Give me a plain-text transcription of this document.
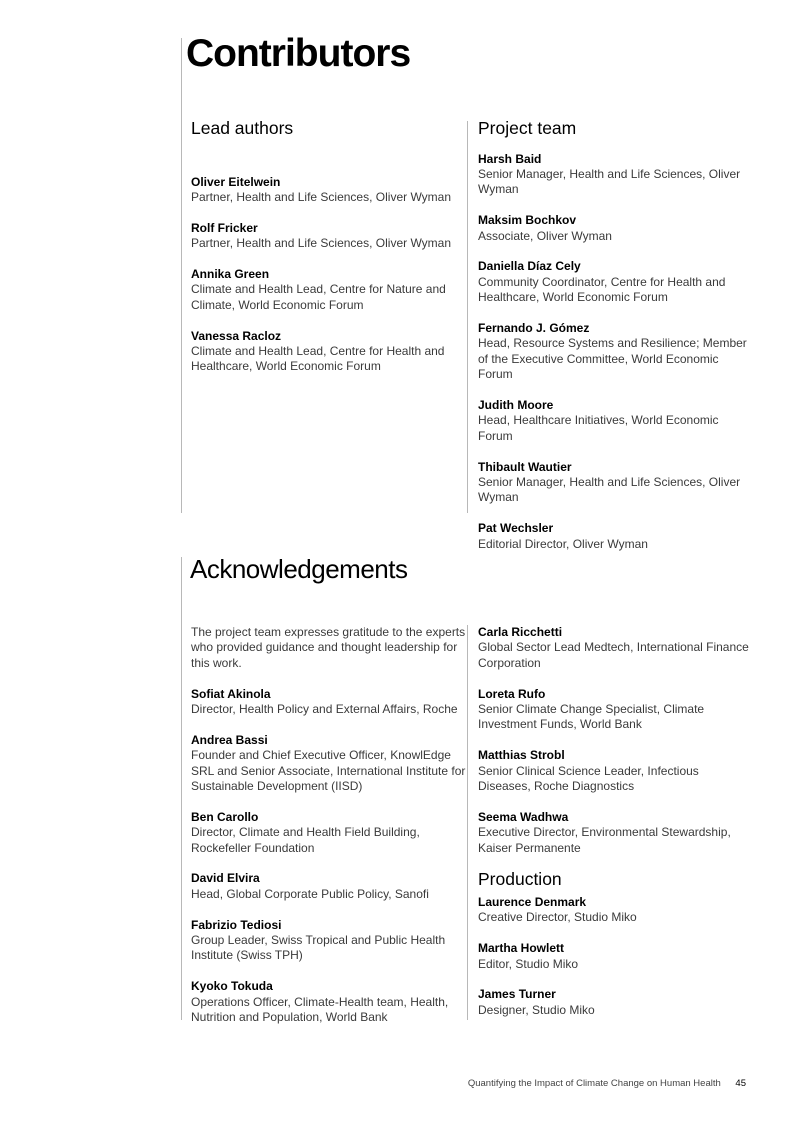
Contributors
Lead authors
Oliver Eitelwein
Partner, Health and Life Sciences, Oliver Wyman
Rolf Fricker
Partner, Health and Life Sciences, Oliver Wyman
Annika Green
Climate and Health Lead, Centre for Nature and Climate, World Economic Forum
Vanessa Racloz
Climate and Health Lead, Centre for Health and Healthcare, World Economic Forum
Project team
Harsh Baid
Senior Manager, Health and Life Sciences, Oliver Wyman
Maksim Bochkov
Associate, Oliver Wyman
Daniella Díaz Cely
Community Coordinator, Centre for Health and Healthcare, World Economic Forum
Fernando J. Gómez
Head, Resource Systems and Resilience; Member of the Executive Committee, World Economic Forum
Judith Moore
Head, Healthcare Initiatives, World Economic Forum
Thibault Wautier
Senior Manager, Health and Life Sciences, Oliver Wyman
Pat Wechsler
Editorial Director, Oliver Wyman
Acknowledgements

The project team expresses gratitude to the experts who provided guidance and thought leadership for this work.

Sofiat Akinola
Director, Health Policy and External Affairs, Roche
Andrea Bassi
Founder and Chief Executive Officer, KnowlEdge SRL and Senior Associate, International Institute for Sustainable Development (IISD)
Ben Carollo
Director, Climate and Health Field Building, Rockefeller Foundation
David Elvira
Head, Global Corporate Public Policy, Sanofi
Fabrizio Tediosi
Group Leader, Swiss Tropical and Public Health Institute (Swiss TPH)
Kyoko Tokuda
Operations Officer, Climate-Health team, Health, Nutrition and Population, World Bank
Carla Ricchetti
Global Sector Lead Medtech, International Finance Corporation
Loreta Rufo
Senior Climate Change Specialist, Climate Investment Funds, World Bank
Matthias Strobl
Senior Clinical Science Leader, Infectious Diseases, Roche Diagnostics
Seema Wadhwa
Executive Director, Environmental Stewardship, Kaiser Permanente
Production
Laurence Denmark
Creative Director, Studio Miko
Martha Howlett
Editor, Studio Miko
James Turner
Designer, Studio Miko
Quantifying the Impact of Climate Change on Human Health 45
